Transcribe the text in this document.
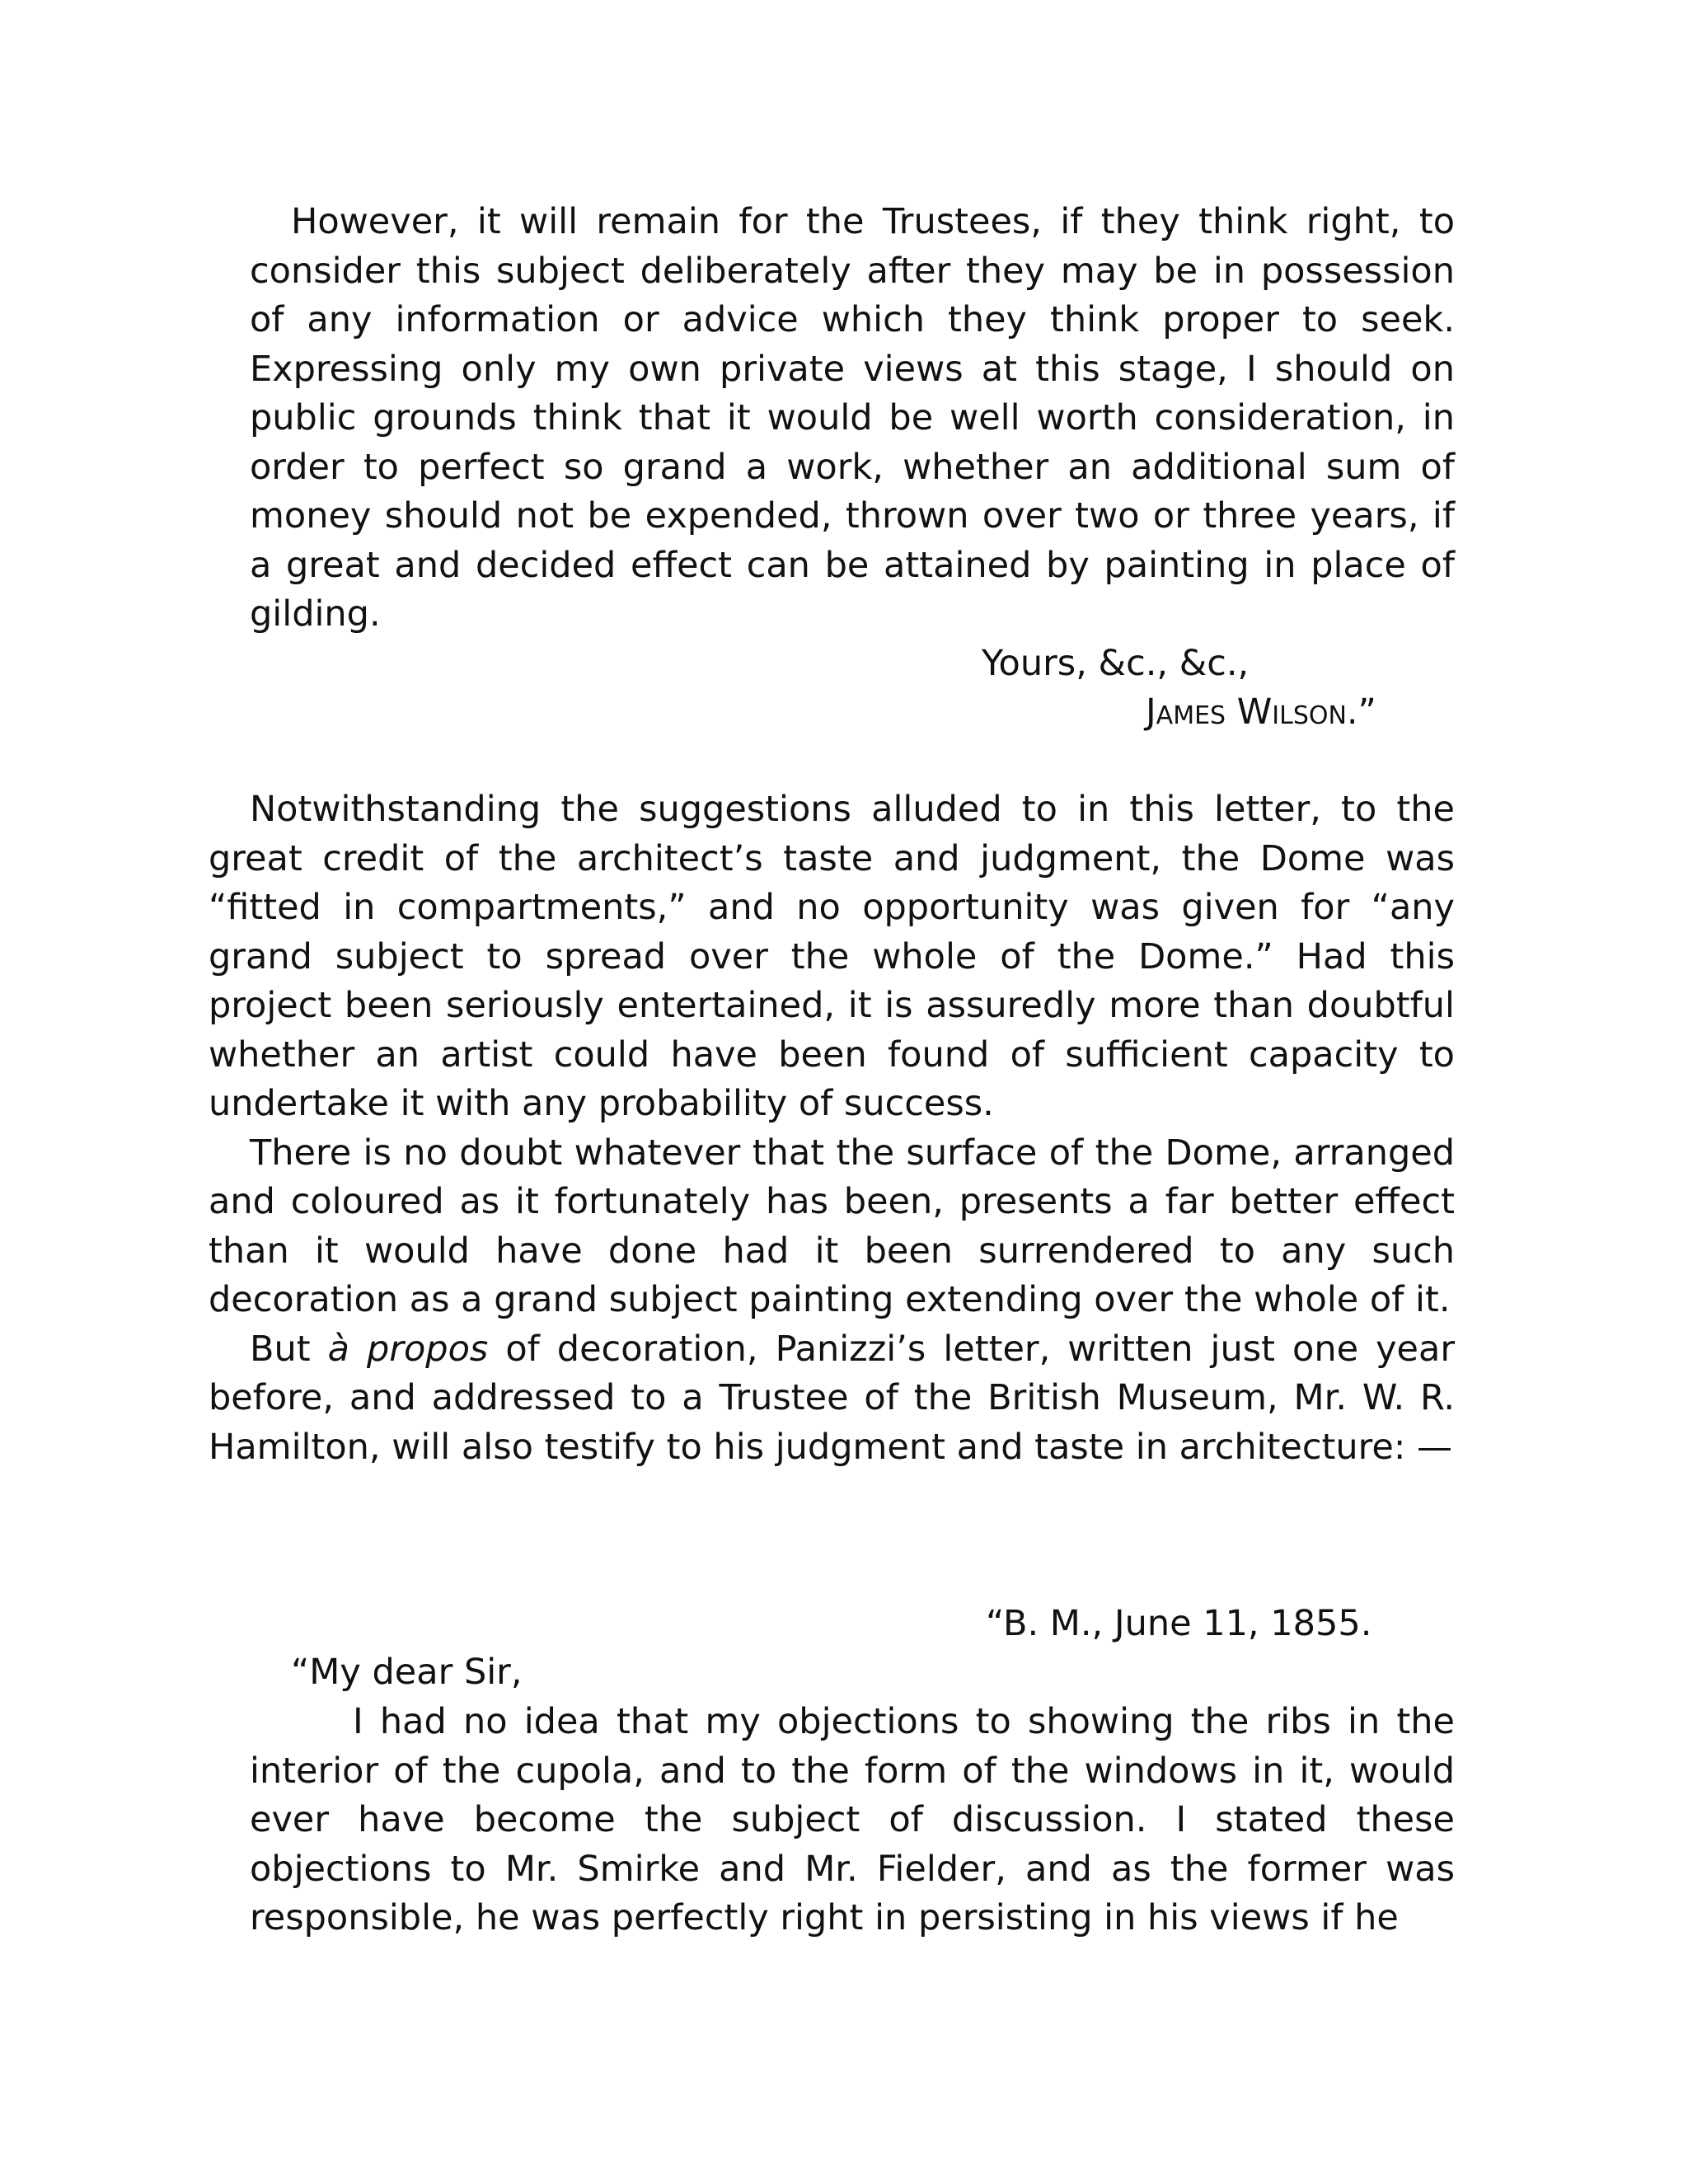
However, it will remain for the Trustees, if they think right, to consider this subject deliberately after they may be in possession of any information or advice which they think proper to seek. Expressing only my own private views at this stage, I should on public grounds think that it would be well worth consideration, in order to perfect so grand a work, whether an additional sum of money should not be expended, thrown over two or three years, if a great and decided effect can be attained by painting in place of gilding.

Yours, &c., &c.,
James Wilson.”

Notwithstanding the suggestions alluded to in this letter, to the great credit of the architect’s taste and judgment, the Dome was “fitted in compartments,” and no opportunity was given for “any grand subject to spread over the whole of the Dome.” Had this project been seriously entertained, it is assuredly more than doubtful whether an artist could have been found of sufficient capacity to undertake it with any probability of success.

There is no doubt whatever that the surface of the Dome, arranged and coloured as it fortunately has been, presents a far better effect than it would have done had it been surrendered to any such decoration as a grand subject painting extending over the whole of it.

But à propos of decoration, Panizzi’s letter, written just one year before, and addressed to a Trustee of the British Museum, Mr. W. R. Hamilton, will also testify to his judgment and taste in architecture: —

“B. M., June 11, 1855.
“My dear Sir,

I had no idea that my objections to showing the ribs in the interior of the cupola, and to the form of the windows in it, would ever have become the subject of discussion. I stated these objections to Mr. Smirke and Mr. Fielder, and as the former was responsible, he was perfectly right in persisting in his views if he
